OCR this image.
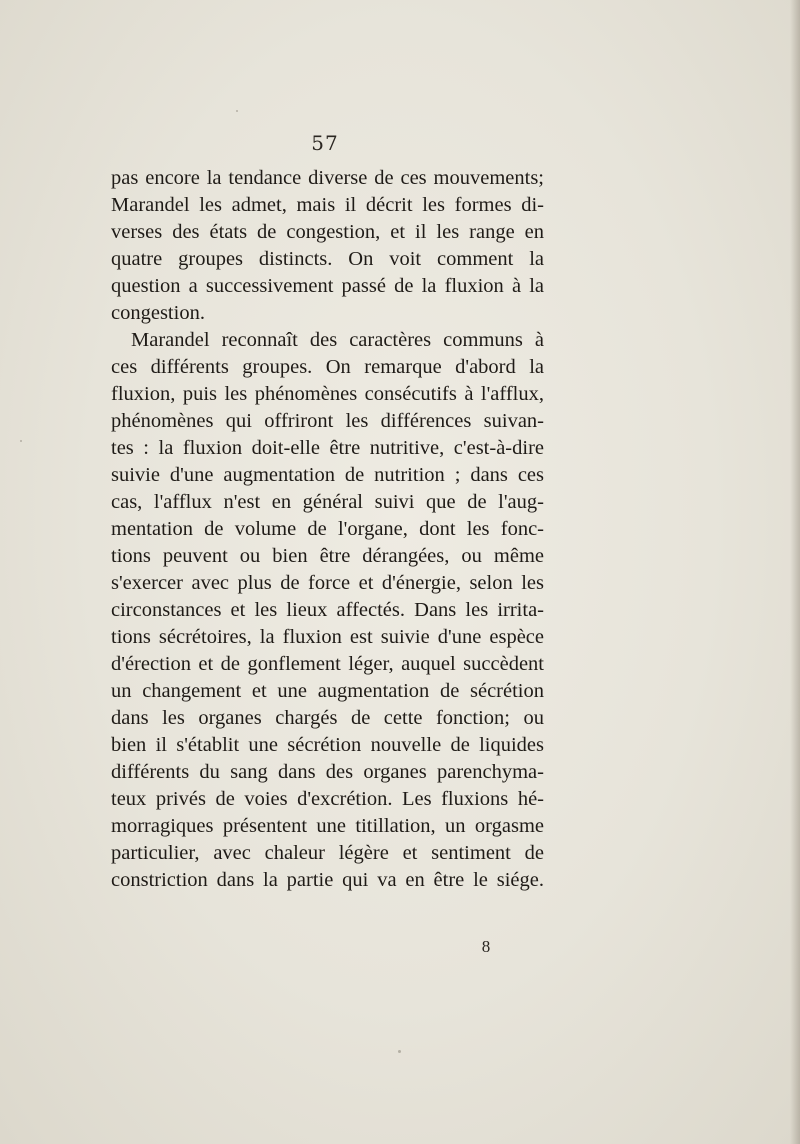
57
pas encore la tendance diverse de ces mouvements;
Marandel les admet, mais il décrit les formes di-
verses des états de congestion, et il les range en
quatre groupes distincts. On voit comment la
question a successivement passé de la fluxion à la
congestion.
Marandel reconnaît des caractères communs à
ces différents groupes. On remarque d'abord la
fluxion, puis les phénomènes consécutifs à l'afflux,
phénomènes qui offriront les différences suivan-
tes : la fluxion doit-elle être nutritive, c'est-à-dire
suivie d'une augmentation de nutrition ; dans ces
cas, l'afflux n'est en général suivi que de l'aug-
mentation de volume de l'organe, dont les fonc-
tions peuvent ou bien être dérangées, ou même
s'exercer avec plus de force et d'énergie, selon les
circonstances et les lieux affectés. Dans les irrita-
tions sécrétoires, la fluxion est suivie d'une espèce
d'érection et de gonflement léger, auquel succèdent
un changement et une augmentation de sécrétion
dans les organes chargés de cette fonction; ou
bien il s'établit une sécrétion nouvelle de liquides
différents du sang dans des organes parenchyma-
teux privés de voies d'excrétion. Les fluxions hé-
morragiques présentent une titillation, un orgasme
particulier, avec chaleur légère et sentiment de
constriction dans la partie qui va en être le siége.
8
